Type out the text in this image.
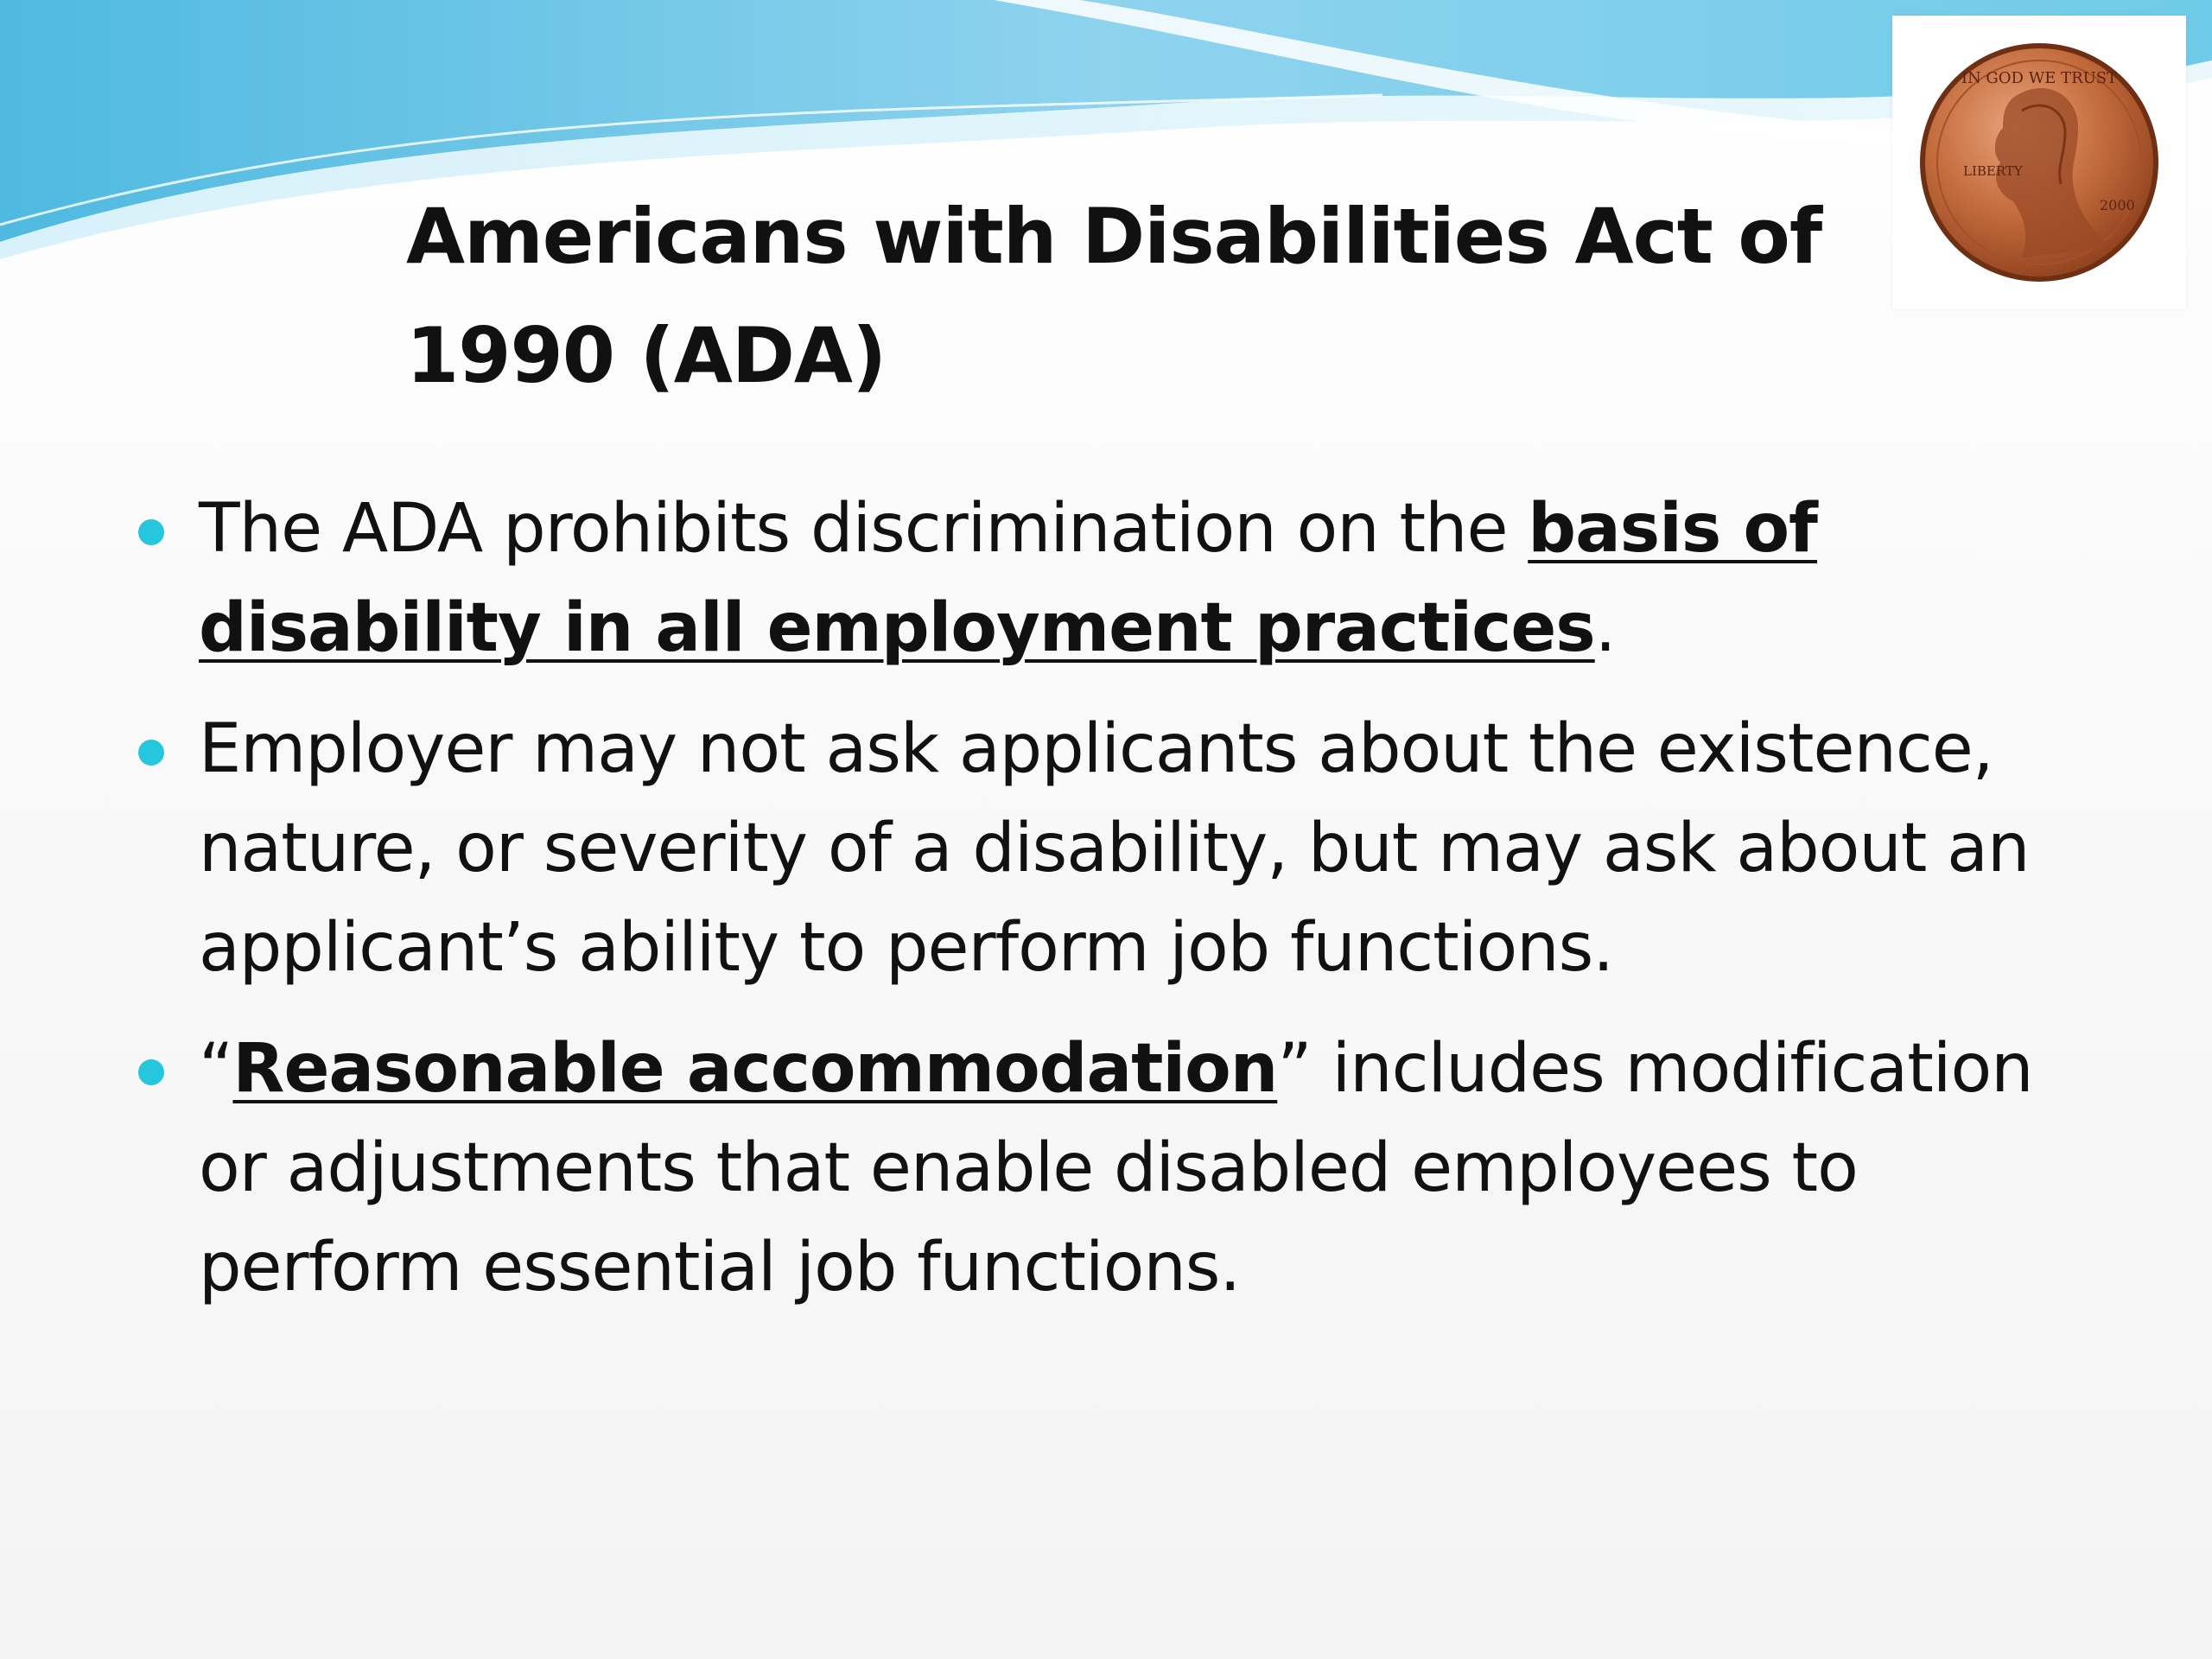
IN GOD WE TRUST
LIBERTY
2000
Americans with Disabilities Act of 1990 (ADA)
The ADA prohibits discrimination on the basis of disability in all employment practices.
Employer may not ask applicants about the existence, nature, or severity of a disability, but may ask about an applicant’s ability to perform job functions.
“Reasonable accommodation” includes modification or adjustments that enable disabled employees to perform essential job functions.
